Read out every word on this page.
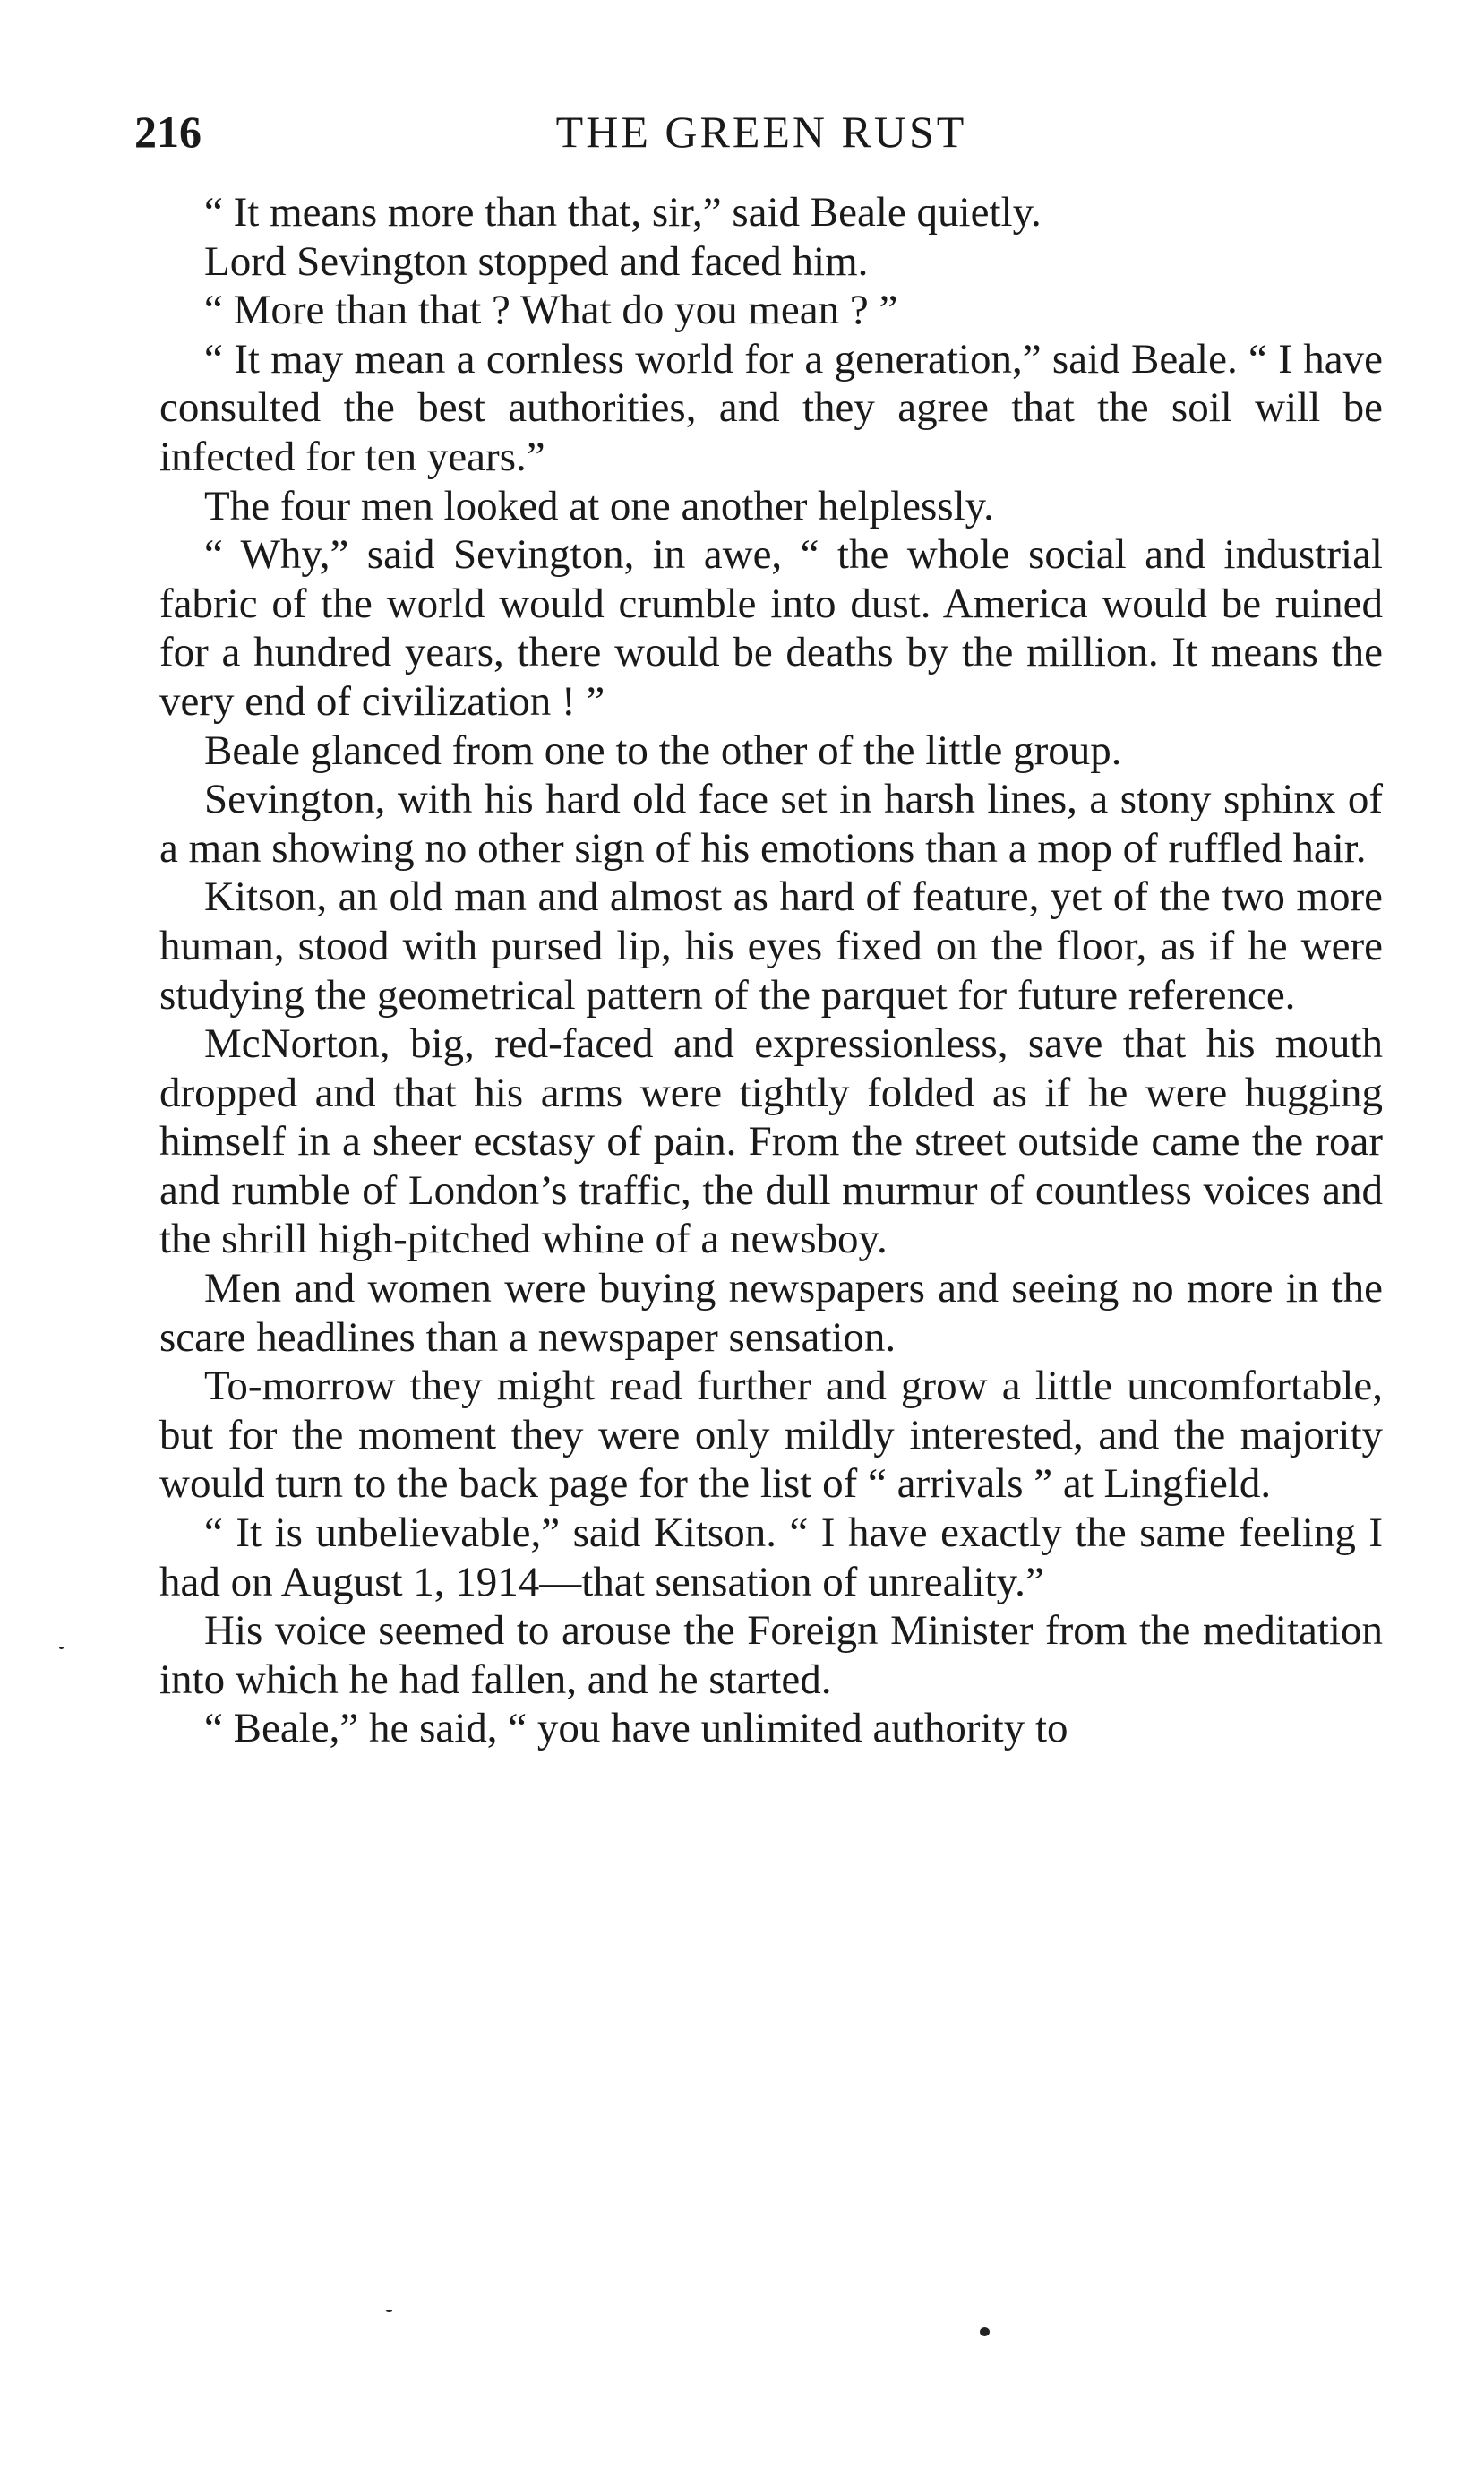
216	THE GREEN RUST

“ It means more than that, sir,” said Beale quietly.

Lord Sevington stopped and faced him.

“ More than that ? What do you mean ? ”

“ It may mean a cornless world for a generation,” said Beale. “ I have consulted the best authorities, and they agree that the soil will be infected for ten years.”

The four men looked at one another helplessly.

“ Why,” said Sevington, in awe, “ the whole social and industrial fabric of the world would crumble into dust. America would be ruined for a hundred years, there would be deaths by the million. It means the very end of civilization ! ”

Beale glanced from one to the other of the little group.

Sevington, with his hard old face set in harsh lines, a stony sphinx of a man showing no other sign of his emotions than a mop of ruffled hair.

Kitson, an old man and almost as hard of feature, yet of the two more human, stood with pursed lip, his eyes fixed on the floor, as if he were studying the geometrical pattern of the parquet for future reference.

McNorton, big, red-faced and expressionless, save that his mouth dropped and that his arms were tightly folded as if he were hugging himself in a sheer ecstasy of pain. From the street outside came the roar and rumble of London’s traffic, the dull murmur of countless voices and the shrill high-pitched whine of a newsboy.

Men and women were buying newspapers and seeing no more in the scare headlines than a newspaper sensation.

To-morrow they might read further and grow a little uncomfortable, but for the moment they were only mildly interested, and the majority would turn to the back page for the list of “ arrivals ” at Lingfield.

“ It is unbelievable,” said Kitson. “ I have exactly the same feeling I had on August 1, 1914—that sensation of unreality.”

His voice seemed to arouse the Foreign Minister from the meditation into which he had fallen, and he started.

“ Beale,” he said, “ you have unlimited authority to
